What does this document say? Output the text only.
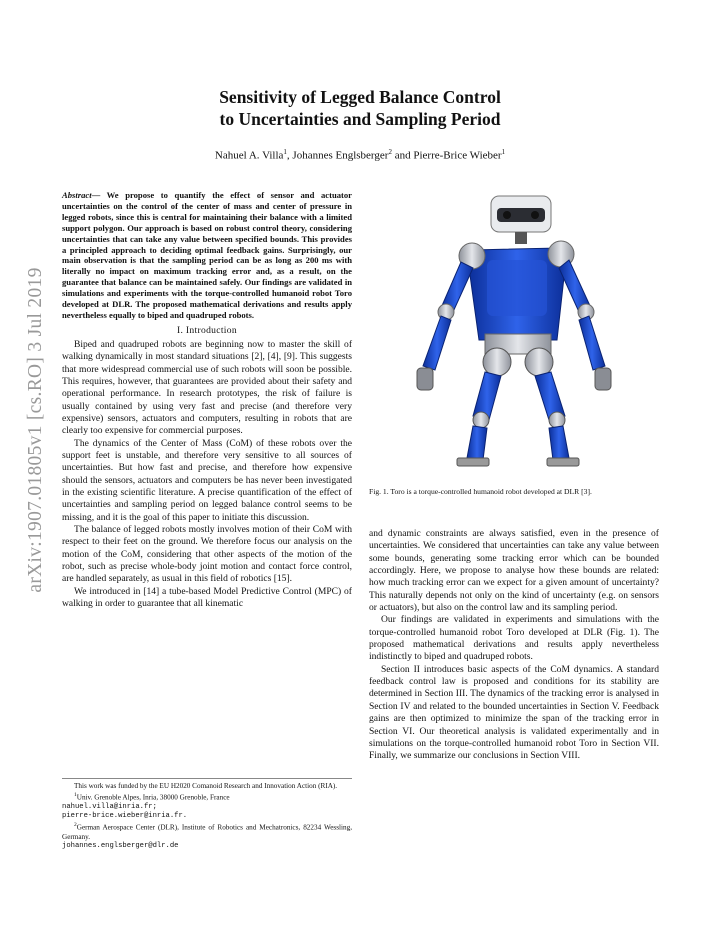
arXiv:1907.01805v1 [cs.RO] 3 Jul 2019
Sensitivity of Legged Balance Control
to Uncertainties and Sampling Period
Nahuel A. Villa$^1$, Johannes Englsberger$^2$ and Pierre-Brice Wieber$^1$
Abstract— We propose to quantify the effect of sensor and actuator uncertainties on the control of the center of mass and center of pressure in legged robots, since this is central for maintaining their balance with a limited support polygon. Our approach is based on robust control theory, considering uncertainties that can take any value between specified bounds. This provides a principled approach to deciding optimal feedback gains. Surprisingly, our main observation is that the sampling period can be as long as 200 ms with literally no impact on maximum tracking error and, as a result, on the guarantee that balance can be maintained safely. Our findings are validated in simulations and experiments with the torque-controlled humanoid robot Toro developed at DLR. The proposed mathematical derivations and results apply nevertheless equally to biped and quadruped robots.
I. Introduction

Biped and quadruped robots are beginning now to master the skill of walking dynamically in most standard situations [2], [4], [9]. This suggests that more widespread commercial use of such robots will soon be possible. This requires, however, that guarantees are provided about their safety and operational performance. In research prototypes, the risk of failure is usually contained by using very fast and precise (and therefore very expensive) sensors, actuators and computers, resulting in robots that are clearly too expensive for commercial purposes.

The dynamics of the Center of Mass (CoM) of these robots over the support feet is unstable, and therefore very sensitive to all sources of uncertainties. But how fast and precise, and therefore how expensive should the sensors, actuators and computers be has never been investigated in the existing scientific literature. A precise quantification of the effect of uncertainties and sampling period on legged balance control seems to be missing, and it is the goal of this paper to initiate this discussion.

The balance of legged robots mostly involves motion of their CoM with respect to their feet on the ground. We therefore focus our analysis on the motion of the CoM, considering that other aspects of the motion of the robot, such as precise whole-body joint motion and contact force control, are handled separately, as usual in this field of robotics [15].

We introduced in [14] a tube-based Model Predictive Control (MPC) of walking in order to guarantee that all kinematic

This work was funded by the EU H2020 Comanoid Research and Innovation Action (RIA).
$^1$Univ. Grenoble Alpes, Inria, 38000 Grenoble, France
nahuel.villa@inria.fr;
pierre-brice.wieber@inria.fr.
$^2$German Aerospace Center (DLR), Institute of Robotics and Mechatronics, 82234 Wessling, Germany.
johannes.englsberger@dlr.de
Fig. 1. Toro is a torque-controlled humanoid robot developed at DLR [3].

and dynamic constraints are always satisfied, even in the presence of uncertainties. We considered that uncertainties can take any value between some bounds, generating some tracking error which can be bounded accordingly. Here, we propose to analyse how these bounds are related: how much tracking error can we expect for a given amount of uncertainty? This naturally depends not only on the kind of uncertainty (e.g. on sensors or actuators), but also on the control law and its sampling period.

Our findings are validated in experiments and simulations with the torque-controlled humanoid robot Toro developed at DLR (Fig. 1). The proposed mathematical derivations and results apply nevertheless indistinctly to biped and quadruped robots.

Section II introduces basic aspects of the CoM dynamics. A standard feedback control law is proposed and conditions for its stability are determined in Section III. The dynamics of the tracking error is analysed in Section IV and related to the bounded uncertainties in Section V. Feedback gains are then optimized to minimize the span of the tracking error in Section VI. Our theoretical analysis is validated experimentally and in simulations on the torque-controlled humanoid robot Toro in Section VII. Finally, we summarize our conclusions in Section VIII.
